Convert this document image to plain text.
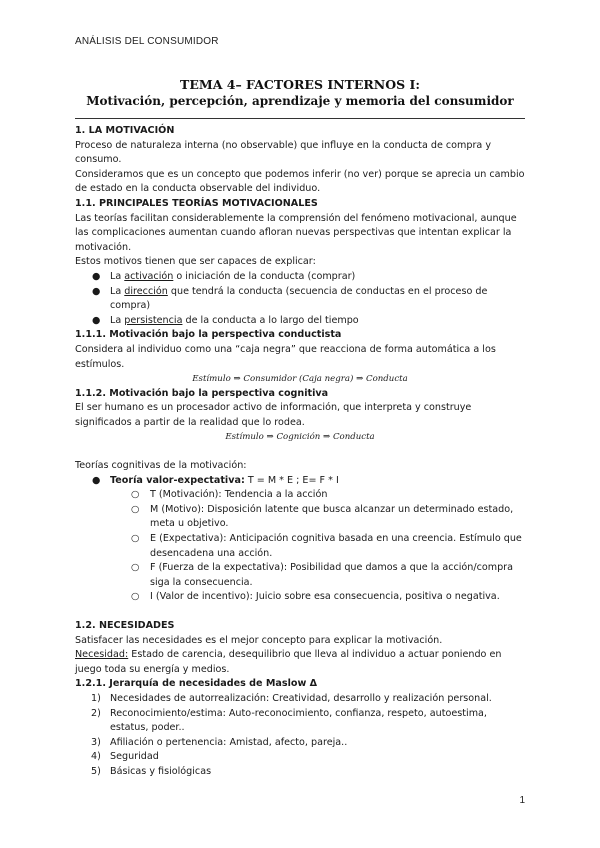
ANÁLISIS DEL CONSUMIDOR
TEMA 4– FACTORES INTERNOS I:
Motivación, percepción, aprendizaje y memoria del consumidor

1. LA MOTIVACIÓN

Proceso de naturaleza interna (no observable) que influye en la conducta de compra y consumo.

Consideramos que es un concepto que podemos inferir (no ver) porque se aprecia un cambio de estado en la conducta observable del individuo.

1.1. PRINCIPALES TEORÍAS MOTIVACIONALES

Las teorías facilitan considerablemente la comprensión del fenómeno motivacional, aunque las complicaciones aumentan cuando afloran nuevas perspectivas que intentan explicar la motivación.

Estos motivos tienen que ser capaces de explicar:

● La activación o iniciación de la conducta (comprar)
● La dirección que tendrá la conducta (secuencia de conductas en el proceso de compra)
● La persistencia de la conducta a lo largo del tiempo

1.1.1. Motivación bajo la perspectiva conductista

Considera al individuo como una “caja negra” que reacciona de forma automática a los estímulos.

Estímulo ⇒ Consumidor (Caja negra) ⇒ Conducta

1.1.2. Motivación bajo la perspectiva cognitiva

El ser humano es un procesador activo de información, que interpreta y construye significados a partir de la realidad que lo rodea.

Estímulo ⇒ Cognición ⇒ Conducta

Teorías cognitivas de la motivación:

● Teoría valor-expectativa: T = M * E ; E= F * I
○ T (Motivación): Tendencia a la acción
○ M (Motivo): Disposición latente que busca alcanzar un determinado estado, meta u objetivo.
○ E (Expectativa): Anticipación cognitiva basada en una creencia. Estímulo que desencadena una acción.
○ F (Fuerza de la expectativa): Posibilidad que damos a que la acción/compra siga la consecuencia.
○ I (Valor de incentivo): Juicio sobre esa consecuencia, positiva o negativa.

1.2. NECESIDADES

Satisfacer las necesidades es el mejor concepto para explicar la motivación.

Necesidad: Estado de carencia, desequilibrio que lleva al individuo a actuar poniendo en juego toda su energía y medios.

1.2.1. Jerarquía de necesidades de Maslow Δ

1) Necesidades de autorrealización: Creatividad, desarrollo y realización personal.
2) Reconocimiento/estima: Auto-reconocimiento, confianza, respeto, autoestima, estatus, poder..
3) Afiliación o pertenencia: Amistad, afecto, pareja..
4) Seguridad
5) Básicas y fisiológicas
1
